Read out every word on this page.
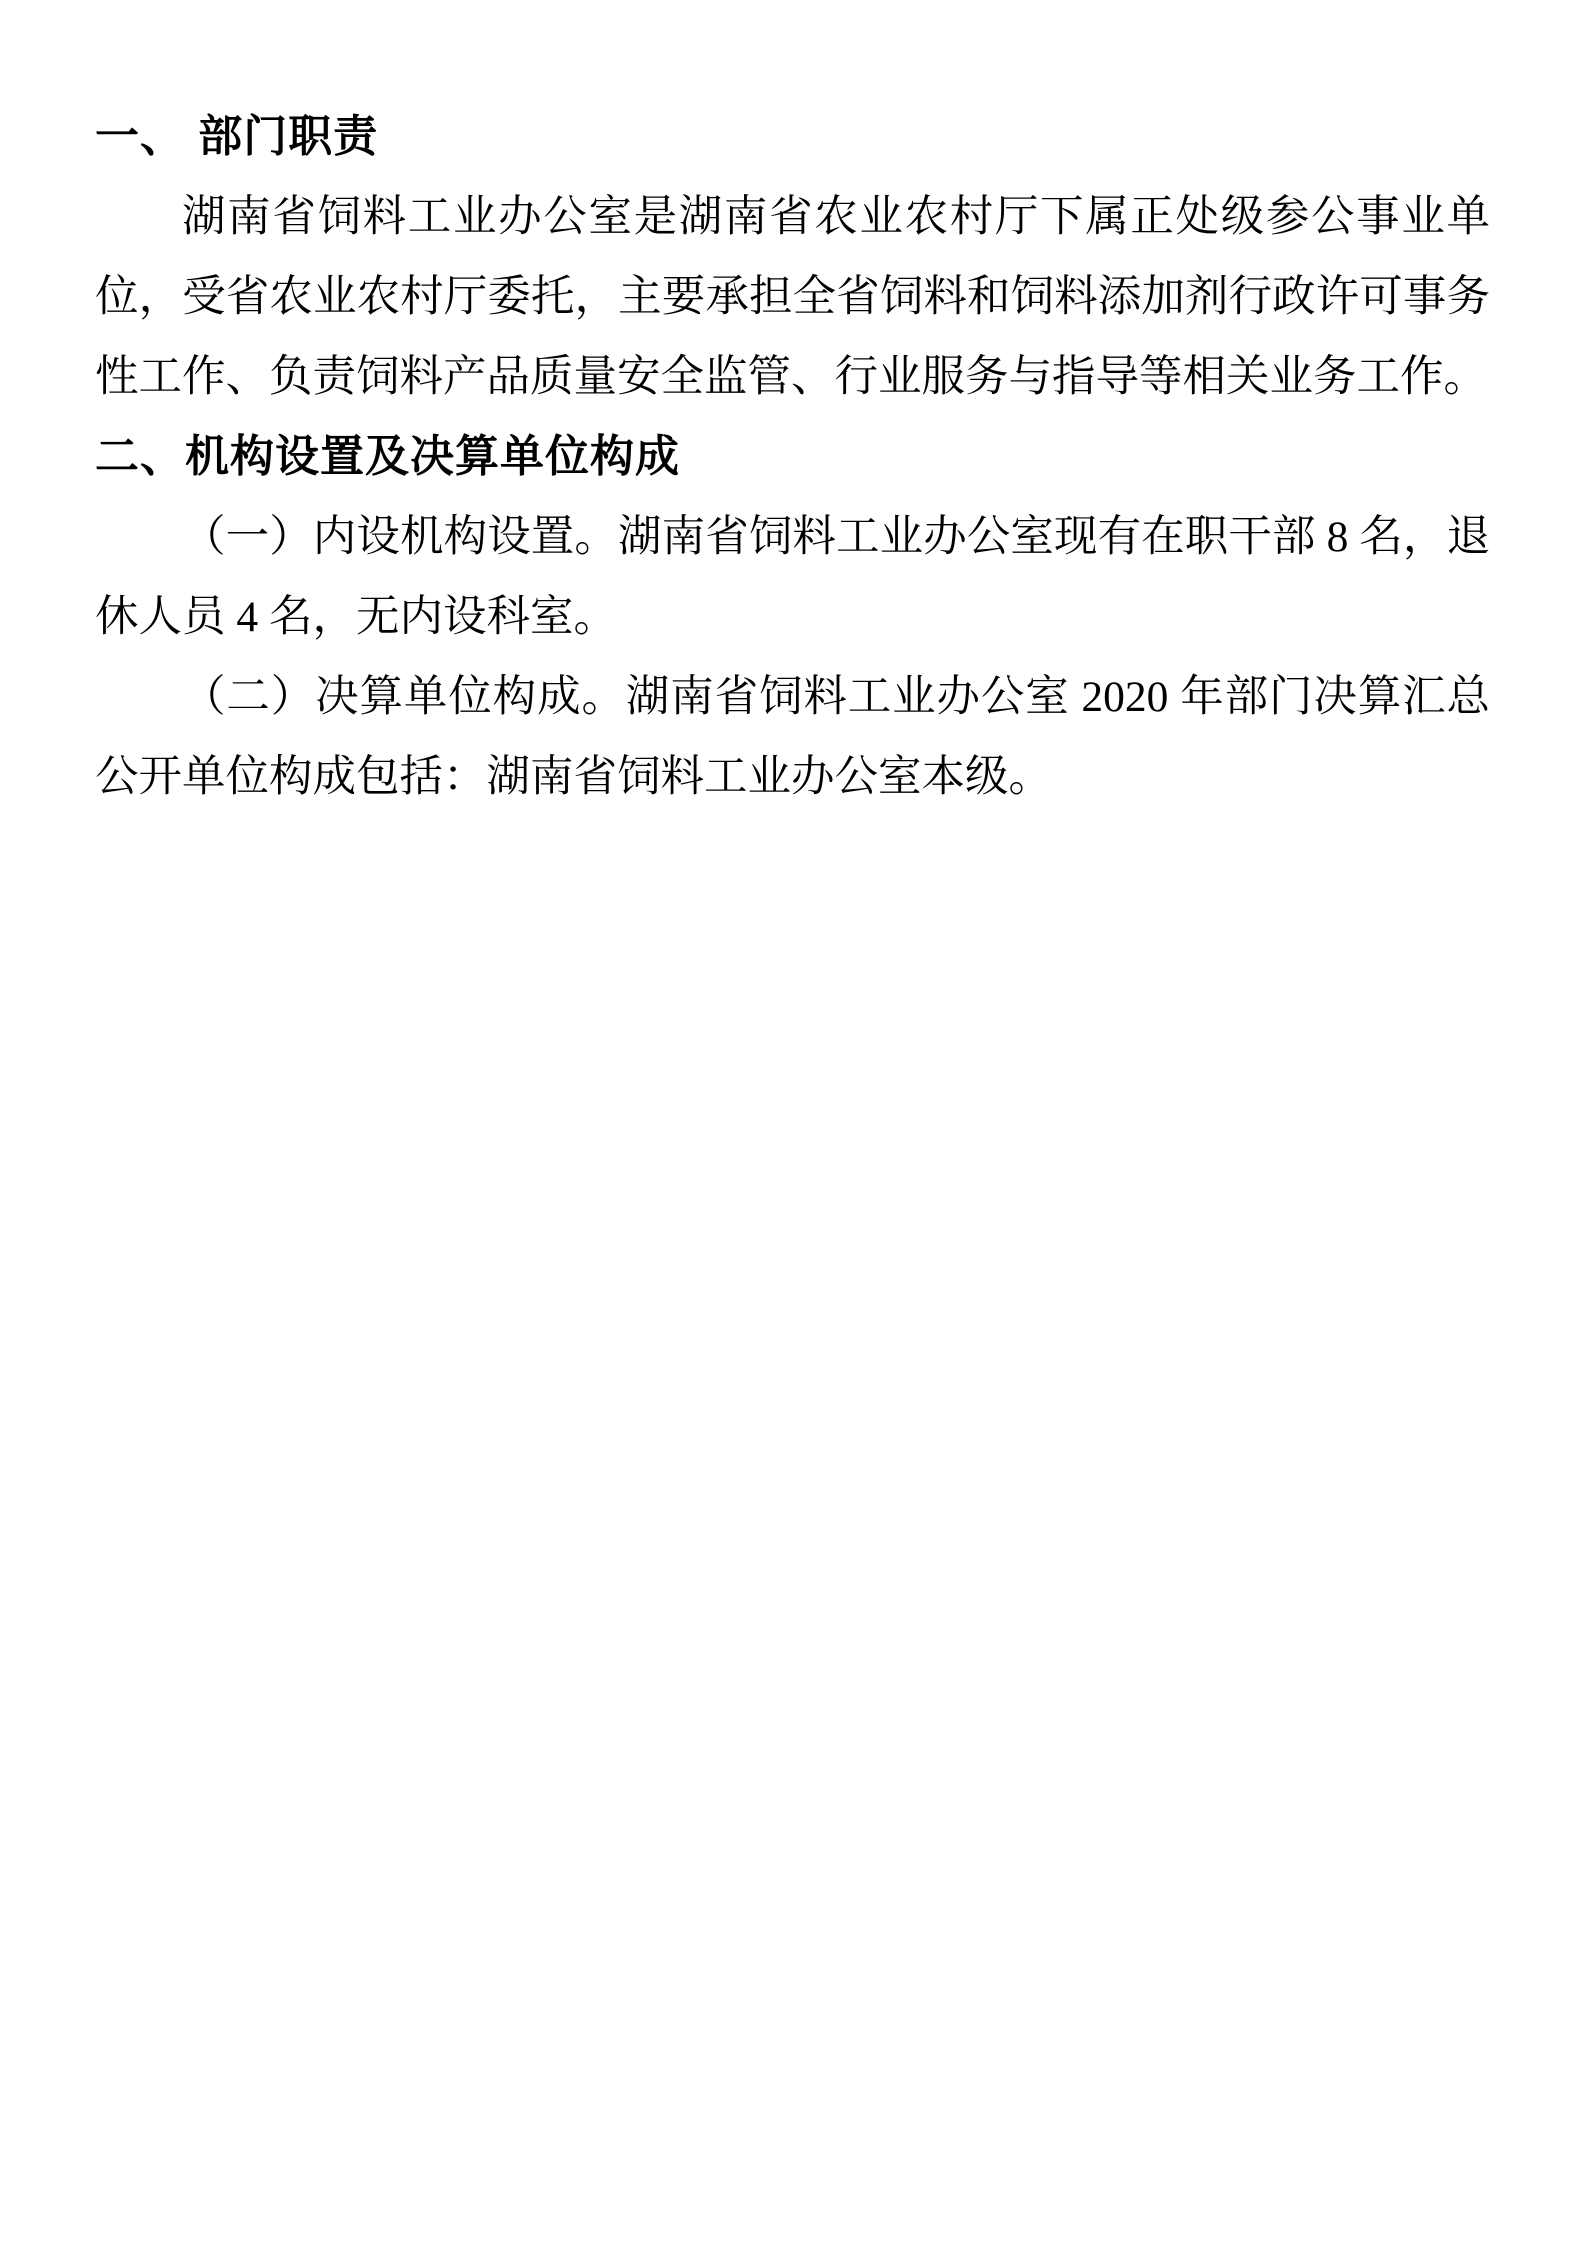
一、 部门职责

湖南省饲料工业办公室是湖南省农业农村厅下属正处级参公事业单位，受省农业农村厅委托，主要承担全省饲料和饲料添加剂行政许可事务性工作、负责饲料产品质量安全监管、行业服务与指导等相关业务工作。

二、机构设置及决算单位构成

（一）内设机构设置。湖南省饲料工业办公室现有在职干部 8 名，退休人员 4 名，无内设科室。

（二）决算单位构成。湖南省饲料工业办公室 2020 年部门决算汇总公开单位构成包括：湖南省饲料工业办公室本级。
